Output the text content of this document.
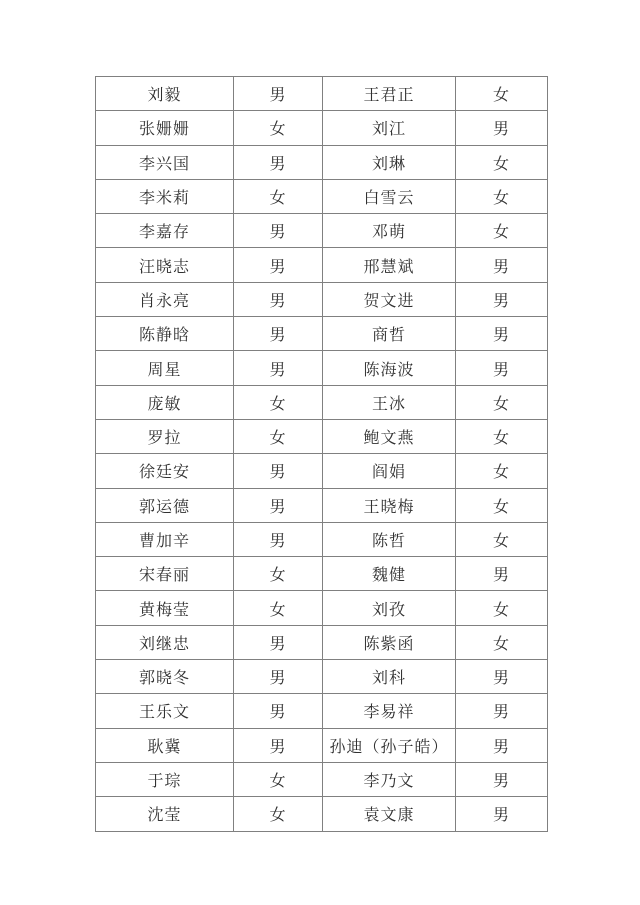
刘毅	男	王君正	女
张姗姗	女	刘江	男
李兴国	男	刘琳	女
李米莉	女	白雪云	女
李嘉存	男	邓萌	女
汪晓志	男	邢慧斌	男
肖永亮	男	贺文进	男
陈静晗	男	商哲	男
周星	男	陈海波	男
庞敏	女	王冰	女
罗拉	女	鲍文燕	女
徐廷安	男	阎娟	女
郭运德	男	王晓梅	女
曹加辛	男	陈哲	女
宋春丽	女	魏健	男
黄梅莹	女	刘孜	女
刘继忠	男	陈紫函	女
郭晓冬	男	刘科	男
王乐文	男	李易祥	男
耿冀	男	孙迪（孙子皓）	男
于琮	女	李乃文	男
沈莹	女	袁文康	男
